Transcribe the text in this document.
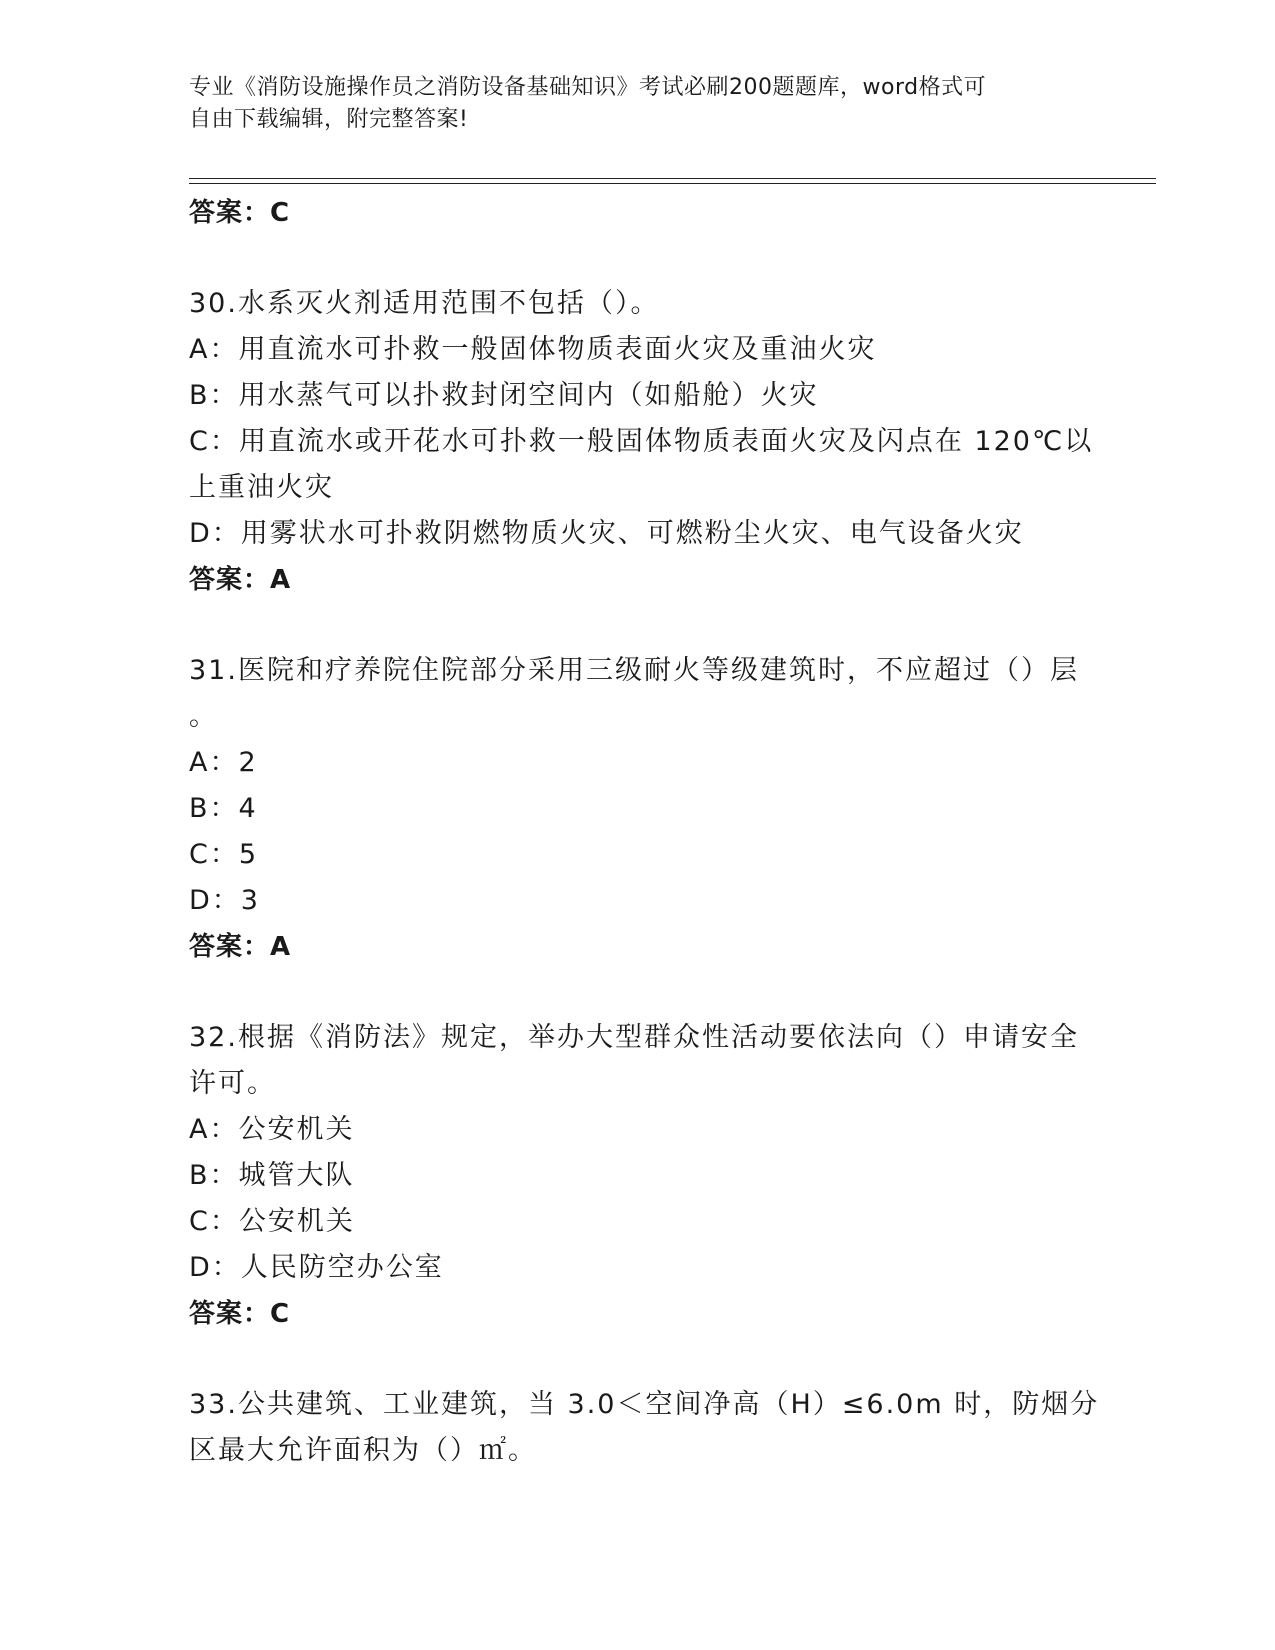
专业《消防设施操作员之消防设备基础知识》考试必刷200题题库，word格式可
自由下载编辑，附完整答案!
答案：C
30.水系灭火剂适用范围不包括（）。
A：用直流水可扑救一般固体物质表面火灾及重油火灾
B：用水蒸气可以扑救封闭空间内（如船舱）火灾
C：用直流水或开花水可扑救一般固体物质表面火灾及闪点在 120℃以
上重油火灾
D：用雾状水可扑救阴燃物质火灾、可燃粉尘火灾、电气设备火灾
答案：A
31.医院和疗养院住院部分采用三级耐火等级建筑时，不应超过（）层
。
A：2
B：4
C：5
D：3
答案：A
32.根据《消防法》规定，举办大型群众性活动要依法向（）申请安全
许可。
A：公安机关
B：城管大队
C：公安机关
D：人民防空办公室
答案：C
33.公共建筑、工业建筑，当 3.0＜空间净高（H）≤6.0m 时，防烟分
区最大允许面积为（）㎡。
